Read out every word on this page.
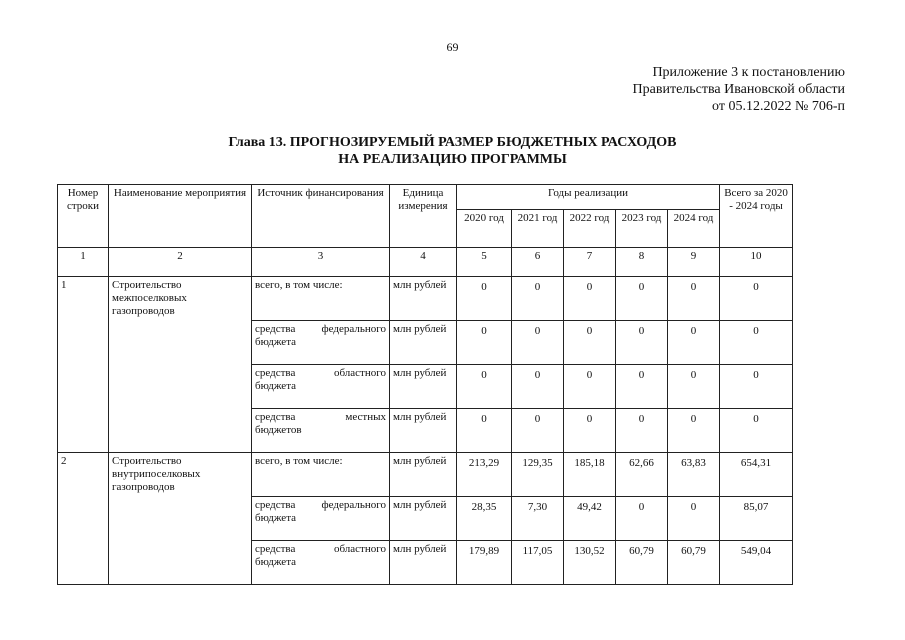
69
Приложение 3 к постановлению
Правительства Ивановской области
от 05.12.2022 № 706-п
Глава 13. ПРОГНОЗИРУЕМЫЙ РАЗМЕР БЮДЖЕТНЫХ РАСХОДОВ
НА РЕАЛИЗАЦИЮ ПРОГРАММЫ
Номер строки	Наименование мероприятия	Источник финансирования	Единица измерения	Годы реализации					Всего за 2020 - 2024 годы
				2020 год	2021 год	2022 год	2023 год	2024 год	
1	2	3	4	5	6	7	8	9	10
1	Строительство межпоселковых газопроводов	всего, в том числе:	млн рублей	0	0	0	0	0	0
		средства федерального бюджета	млн рублей	0	0	0	0	0	0
		средства областного бюджета	млн рублей	0	0	0	0	0	0
		средства местных бюджетов	млн рублей	0	0	0	0	0	0
2	Строительство внутрипоселковых газопроводов	всего, в том числе:	млн рублей	213,29	129,35	185,18	62,66	63,83	654,31
		средства федерального бюджета	млн рублей	28,35	7,30	49,42	0	0	85,07
		средства областного бюджета	млн рублей	179,89	117,05	130,52	60,79	60,79	549,04
